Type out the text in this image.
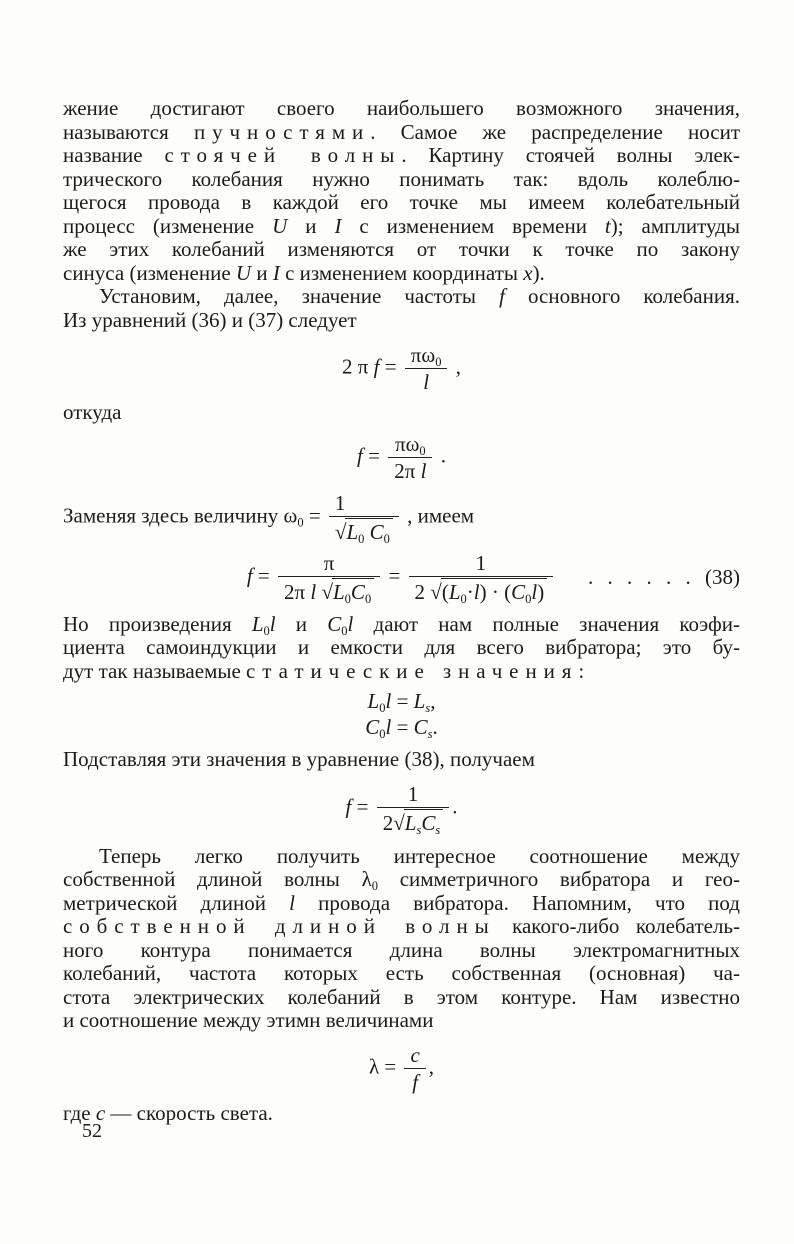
жение достигают своего наибольшего возможного значения,
называются пучностями. Самое же распределение носит
название стоячей волны. Картину стоячей волны элек-
трического колебания нужно понимать так: вдоль колеблю-
щегося провода в каждой его точке мы имеем колебательный
процесс (изменение U и I с изменением времени t); амплитуды
же этих колебаний изменяются от точки к точке по закону
синуса (изменение U и I с изменением координаты x).
Установим, далее, значение частоты f основного колебания.
Из уравнений (36) и (37) следует
2 π $f = \frac{\pi\omega_0}{l}$ ,
откуда
$f = \frac{\pi\omega_0}{\text{2π l}}$ .
Заменяя здесь величину $\omega_0 = \frac{1}{√L_0 C_0}$ , имеем
$f = \frac{\pi}{2\pi l √L_0C_0} = \frac{1}{2 √(L_0\cdot l) \cdot (C_0l)}$ . . . . . . (38)
Но произведения $L_0l$ и $C_0l$ дают нам полные значения коэфи-
циента самоиндукции и емкости для всего вибратора; это бу-
дут так называемые статические значения:
$L_0l = L_s$,
$C_0l = C_s$.
Подставляя эти значения в уравнение (38), получаем
$f = \frac{1}{2√L_sC_s}$ .
Теперь легко получить интересное соотношение между
собственной длиной волны $\lambda_0$ симметричного вибратора и гео-
метрической длиной l провода вибратора. Напомним, что под
собственной длиной волны какого-либо колебатель-
ного контура понимается длина волны электромагнитных
колебаний, частота которых есть собственная (основная) ча-
стота электрических колебаний в этом контуре. Нам известно
и соотношение между этимн величинами
$\lambda = \frac{c}{f}$ ,
где c — скорость света.
52
